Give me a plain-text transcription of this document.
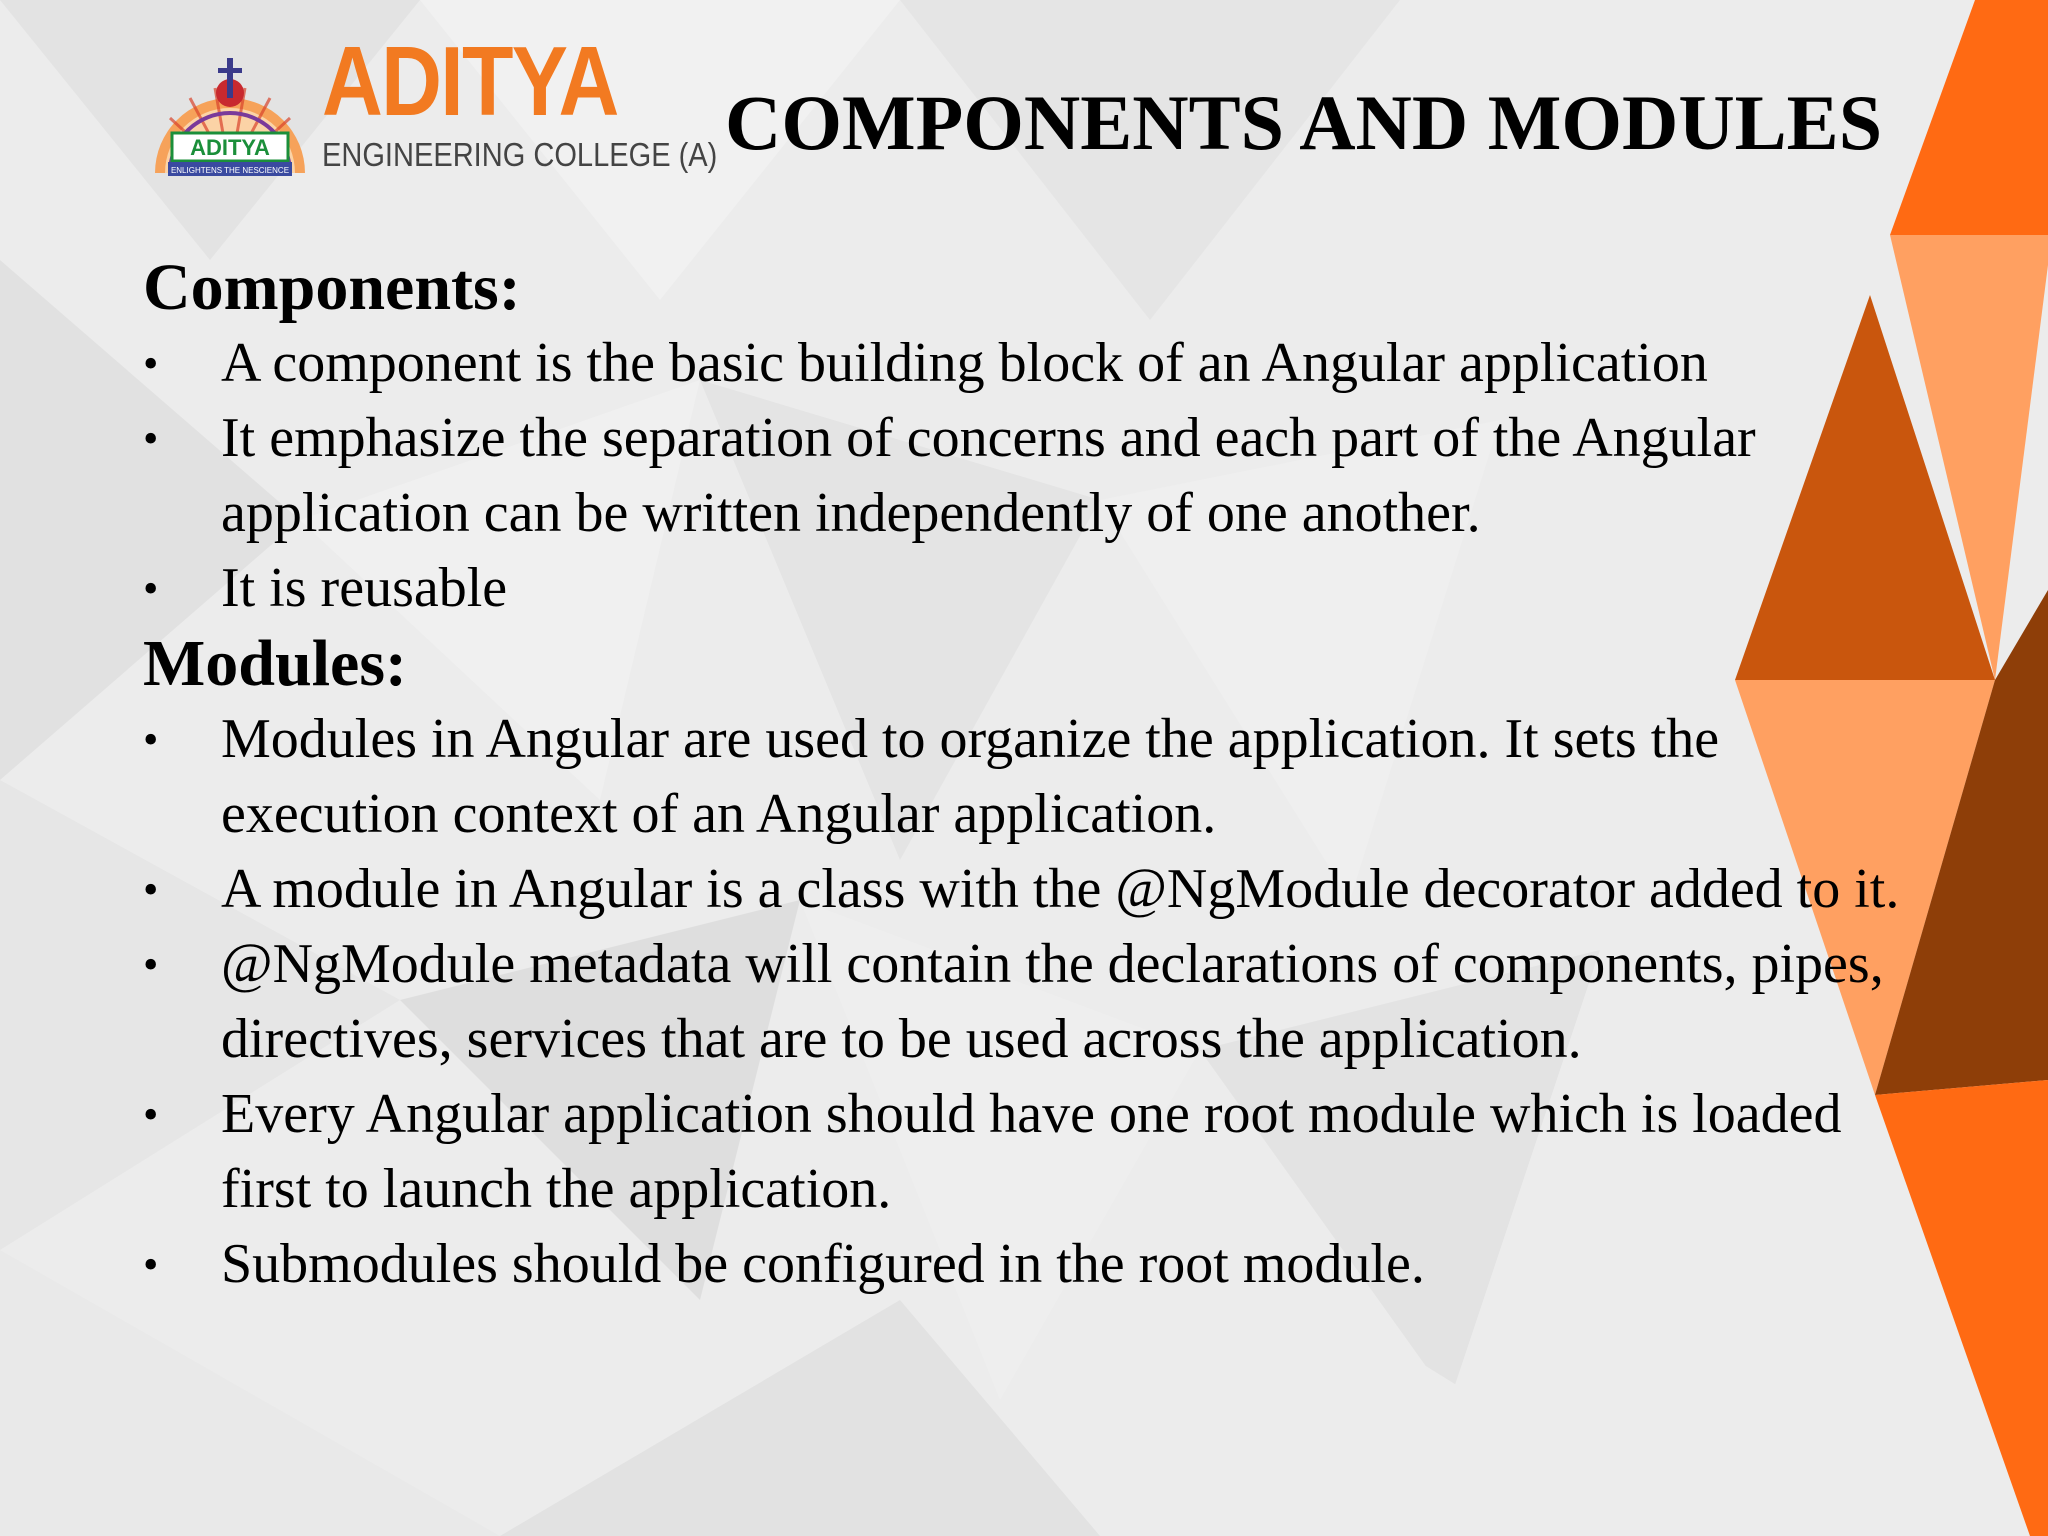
ADITYA
ENLIGHTENS THE NESCIENCE
ADITYA
ENGINEERING COLLEGE (A) COMPONENTS AND MODULES
Components:
•	A component is the basic building block of an Angular application
•	It emphasize the separation of concerns and each part of the Angular application can be written independently of one another.
•	It is reusable
Modules:
•	Modules in Angular are used to organize the application. It sets the execution context of an Angular application.
•	A module in Angular is a class with the @NgModule decorator added to it.
•	@NgModule metadata will contain the declarations of components, pipes, directives, services that are to be used across the application.
•	Every Angular application should have one root module which is loaded first to launch the application.
•	Submodules should be configured in the root module.
